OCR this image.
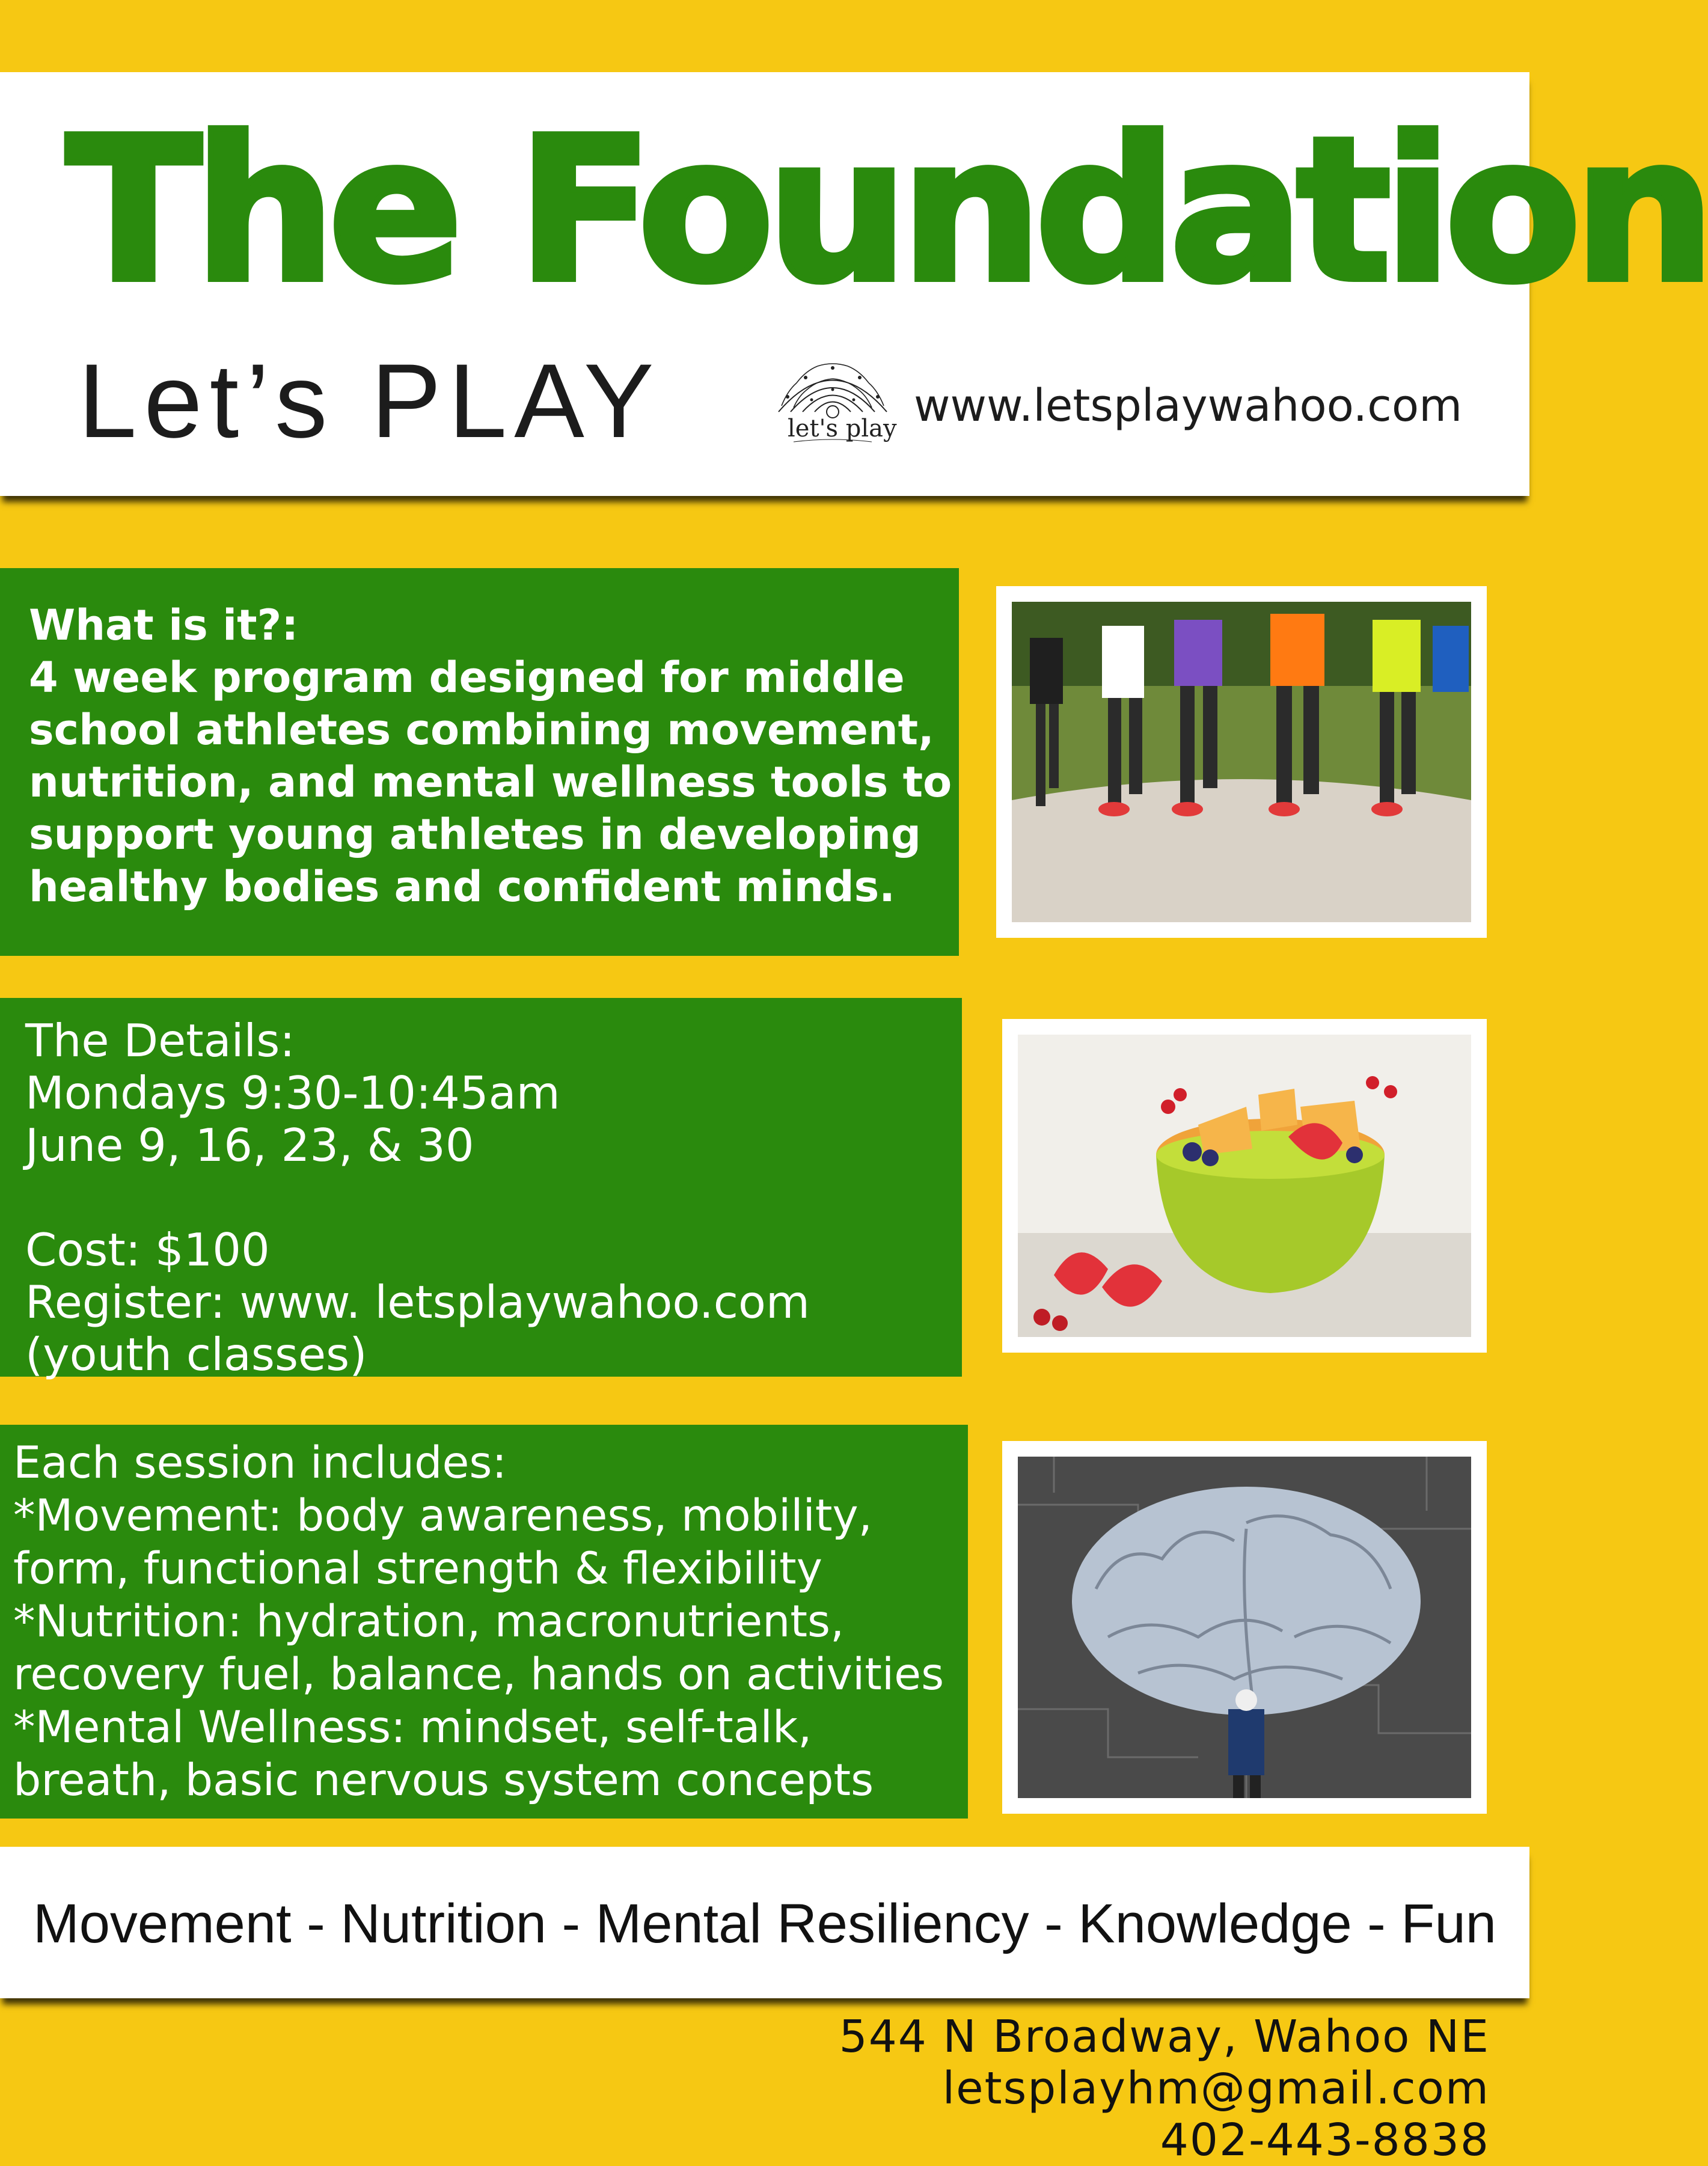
The Foundation
Let’s PLAY	let's play www.letsplaywahoo.com
What is it?:
4 week program designed for middle
school athletes combining movement,
nutrition, and mental wellness tools to
support young athletes in developing
healthy bodies and confident minds.
The Details:
Mondays 9:30-10:45am
June 9, 16, 23, & 30
Cost: $100
Register: www. letsplaywahoo.com
(youth classes)
Each session includes:
*Movement: body awareness, mobility,
form, functional strength & flexibility
*Nutrition: hydration, macronutrients,
recovery fuel, balance, hands on activities
*Mental Wellness: mindset, self-talk,
breath, basic nervous system concepts
Movement - Nutrition - Mental Resiliency - Knowledge - Fun
544 N Broadway, Wahoo NE
letsplayhm@gmail.com
402-443-8838
